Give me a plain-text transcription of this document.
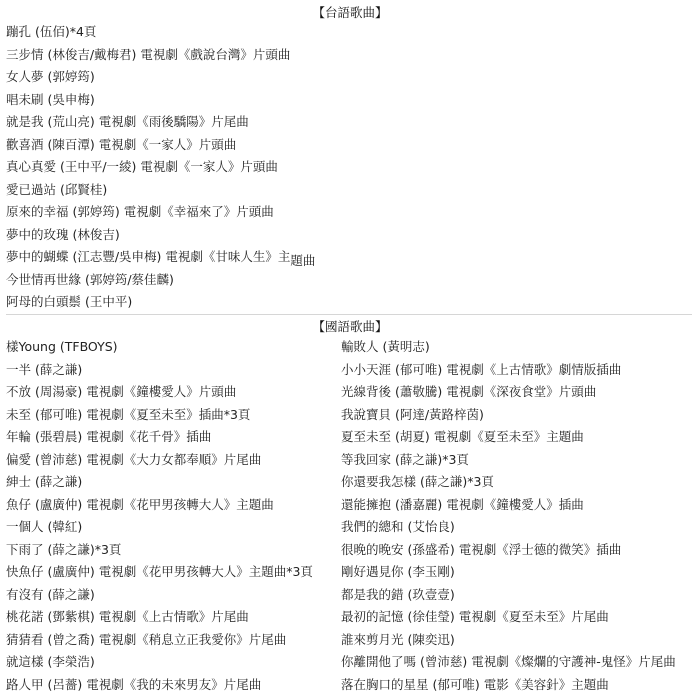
【台語歌曲】
蹦孔 (伍佰)*4頁
三步情 (林俊吉/戴梅君) 電視劇《戲說台灣》片頭曲
女人夢 (郭婷筠)
唱未刷 (吳申梅)
就是我 (荒山亮) 電視劇《雨後驕陽》片尾曲
歡喜酒 (陳百潭) 電視劇《一家人》片頭曲
真心真愛 (王中平/一綾) 電視劇《一家人》片頭曲
愛已過站 (邱賢桂)
原來的幸福 (郭婷筠) 電視劇《幸福來了》片頭曲
夢中的玫瑰 (林俊吉)
夢中的蝴蝶 (江志豐/吳申梅) 電視劇《甘味人生》主題曲
今世情再世緣 (郭婷筠/蔡佳麟)
阿母的白頭鬃 (王中平)
【國語歌曲】
樣Young (TFBOYS)
一半 (薛之謙)
不放 (周湯豪) 電視劇《鐘樓愛人》片頭曲
未至 (郁可唯) 電視劇《夏至未至》插曲*3頁
年輪 (張碧晨) 電視劇《花千骨》插曲
偏愛 (曾沛慈) 電視劇《大力女都奉順》片尾曲
紳士 (薛之謙)
魚仔 (盧廣仲) 電視劇《花甲男孩轉大人》主題曲
一個人 (韓紅)
下雨了 (薛之謙)*3頁
快魚仔 (盧廣仲) 電視劇《花甲男孩轉大人》主題曲*3頁
有沒有 (薛之謙)
桃花諾 (鄧紫棋) 電視劇《上古情歌》片尾曲
猜猜看 (曾之喬) 電視劇《稍息立正我愛你》片尾曲
就這樣 (李榮浩)
路人甲 (呂薔) 電視劇《我的未來男友》片尾曲
輸敗人 (黃明志)
小小天涯 (郁可唯) 電視劇《上古情歌》劇情版插曲
光線背後 (蕭敬騰) 電視劇《深夜食堂》片頭曲
我說寶貝 (阿達/黃路梓茵)
夏至未至 (胡夏) 電視劇《夏至未至》主題曲
等我回家 (薛之謙)*3頁
你還要我怎樣 (薛之謙)*3頁
還能擁抱 (潘嘉麗) 電視劇《鐘樓愛人》插曲
我們的總和 (艾怡良)
很晚的晚安 (孫盛希) 電視劇《浮士德的微笑》插曲
剛好遇見你 (李玉剛)
都是我的錯 (玖壹壹)
最初的記憶 (徐佳瑩) 電視劇《夏至未至》片尾曲
誰來剪月光 (陳奕迅)
你離開他了嗎 (曾沛慈) 電視劇《燦爛的守護神-鬼怪》片尾曲
落在胸口的星星 (郁可唯) 電影《美容針》主題曲
